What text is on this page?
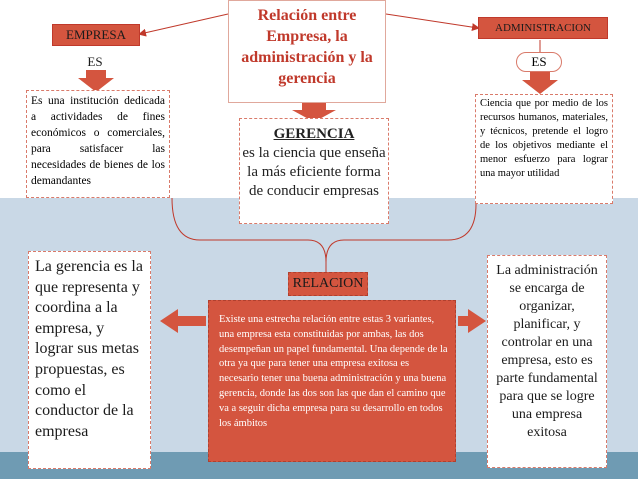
Relación entre Empresa, la administración y la gerencia
EMPRESA
ES
Es una institución dedicada a actividades de fines económicos o comerciales, para satisfacer las necesidades de bienes de los demandantes
ADMINISTRACION
ES
Ciencia que por medio de los recursos humanos, materiales, y técnicos, pretende el logro de los objetivos mediante el menor esfuerzo para lograr una mayor utilidad
GERENCIA
es la ciencia que enseña la más eficiente forma de conducir empresas
RELACION
Existe una estrecha relación entre estas 3 variantes, una empresa esta constituidas por ambas, las dos desempeñan un papel fundamental. Una depende de la otra ya que para tener una empresa exitosa es necesario tener una buena administración y una buena gerencia, donde las dos son las que dan el camino que va a seguir dicha empresa para su desarrollo en todos los ámbitos
La gerencia es la que representa y coordina a la empresa, y lograr sus metas propuestas, es como el conductor de la empresa
La administración se encarga de organizar, planificar, y controlar en una empresa, esto es parte fundamental para que se logre una empresa exitosa
